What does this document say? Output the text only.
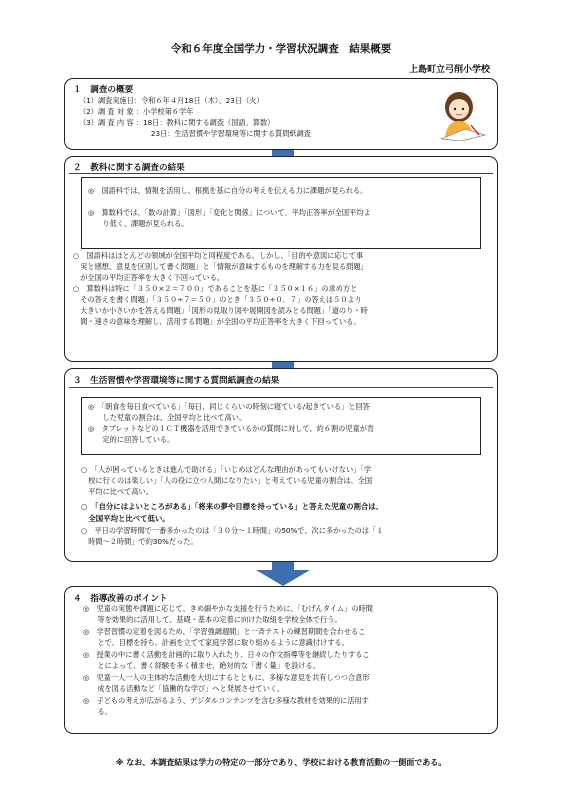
令和６年度全国学力・学習状況調査　結果概要
上島町立弓削小学校
１　調査の概要
（1）調査実施日：令和６年４月18日（木）、23日（火）
（2）調 査 対 象 ：小学校第６学年
（3）調 査 内 容 ：18日：教科に関する調査（国語、算数）
　　　　　　　　　　23日：生活習慣や学習環境等に関する質問紙調査
２　教科に関する調査の結果
◎　国語科では、情報を活用し、根拠を基に自分の考えを伝える力に課題が見られる。
◎　算数科では、「数の計算」「図形」「変化と関係」について、平均正答率が全国平均よ
　　り低く、課題が見られる。
○　国語科はほとんどの領域が全国平均と同程度である。しかし、「目的や意図に応じて事
　実と感想、意見を区別して書く問題」と「情報が意味するものを理解する力を見る問題」
　が全国の平均正答率を大きく下回っている。
○　算数科は特に「３５０×２＝７００」であることを基に「３５０×１６」の求め方と
　その答えを書く問題」「３５０÷７＝５０」のとき「３５０÷０．７」の答えは５０より
　大きいか小さいかを答える問題」「図形の見取り図や展開図を読みとる問題」「道のり・時
　間・速さの意味を理解し、活用する問題」が全国の平均正答率を大きく下回っている。
３　生活習慣や学習環境等に関する質問紙調査の結果
◎　「朝食を毎日食べている」「毎日、同じくらいの時刻に寝ている/起きている」と回答
　　した児童の割合は、全国平均と比べて高い。
◎　タブレットなどのＩＣＴ機器を活用できているかの質問に対して、約６割の児童が肯
　　定的に回答している。
○　「人が困っているときは進んで助ける」「いじめはどんな理由があってもいけない」「学
　校に行くのは楽しい」「人の役に立つ人間になりたい」と考えている児童の割合は、全国
　平均に比べて高い。
○　「自分にはよいところがある」「将来の夢や目標を持っている」と答えた児童の割合は、
　全国平均と比べて低い。
○　平日の学習時間で一番多かったのは「３０分～１時間」の50%で、次に多かったのは「１
　時間～２時間」で約30%だった。
４　指導改善のポイント
◎　児童の実態や課題に応じて、きめ細やかな支援を行うために、「むげんタイム」の時間
　　等を効果的に活用して、基礎・基本の定着に向けた取組を学校全体で行う。
◎　学習習慣の定着を図るため、「学習強調週間」と一斉テストの練習期間を合わせるこ
　　とで、目標を持ち、計画を立てて家庭学習に取り組めるように意識付けする。
◎　授業の中に書く活動を計画的に取り入れたり、日々の作文指導等を継続したりするこ
　　とによって、書く経験を多く積ませ、絶対的な「書く量」を設ける。
◎　児童一人一人の主体的な活動を大切にするとともに、多様な意見を共有しつつ合意形
　　成を図る活動など「協働的な学び」へと発展させていく。
◎　子どもの考えが広がるよう、デジタルコンテンツを含む多様な教材を効果的に活用す
　　る。
※ なお、本調査結果は学力の特定の一部分であり、学校における教育活動の一側面である。
